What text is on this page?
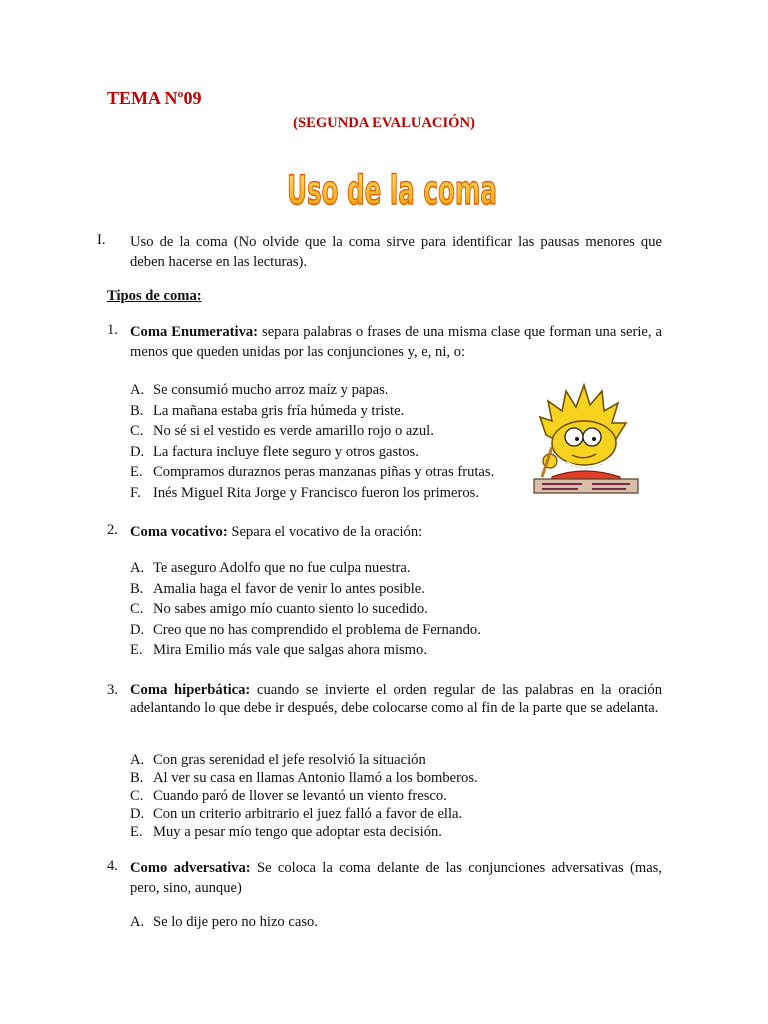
TEMA Nº09
(SEGUNDA EVALUACIÓN)
Uso de la coma
I. Uso de la coma (No olvide que la coma sirve para identificar las pausas menores que deben hacerse en las lecturas).
Tipos de coma:
1. Coma Enumerativa: separa palabras o frases de una misma clase que forman una serie, a menos que queden unidas por las conjunciones y, e, ni, o:
A. Se consumió mucho arroz maíz y papas.
B. La mañana estaba gris fría húmeda y triste.
C. No sé si el vestido es verde amarillo rojo o azul.
D. La factura incluye flete seguro y otros gastos.
E. Compramos duraznos peras manzanas piñas y otras frutas.
F. Inés Miguel Rita Jorge y Francisco fueron los primeros.
2. Coma vocativo: Separa el vocativo de la oración:
A. Te aseguro Adolfo que no fue culpa nuestra.
B. Amalia haga el favor de venir lo antes posible.
C. No sabes amigo mío cuanto siento lo sucedido.
D. Creo que no has comprendido el problema de Fernando.
E. Mira Emilio más vale que salgas ahora mismo.
3. Coma hiperbática: cuando se invierte el orden regular de las palabras en la oración adelantando lo que debe ir después, debe colocarse como al fin de la parte que se adelanta.
A. Con gras serenidad el jefe resolvió la situación
B. Al ver su casa en llamas Antonio llamó a los bomberos.
C. Cuando paró de llover se levantó un viento fresco.
D. Con un criterio arbitrario el juez falló a favor de ella.
E. Muy a pesar mío tengo que adoptar esta decisión.
4. Como adversativa: Se coloca la coma delante de las conjunciones adversativas (mas, pero, sino, aunque)
A. Se lo dije pero no hizo caso.
